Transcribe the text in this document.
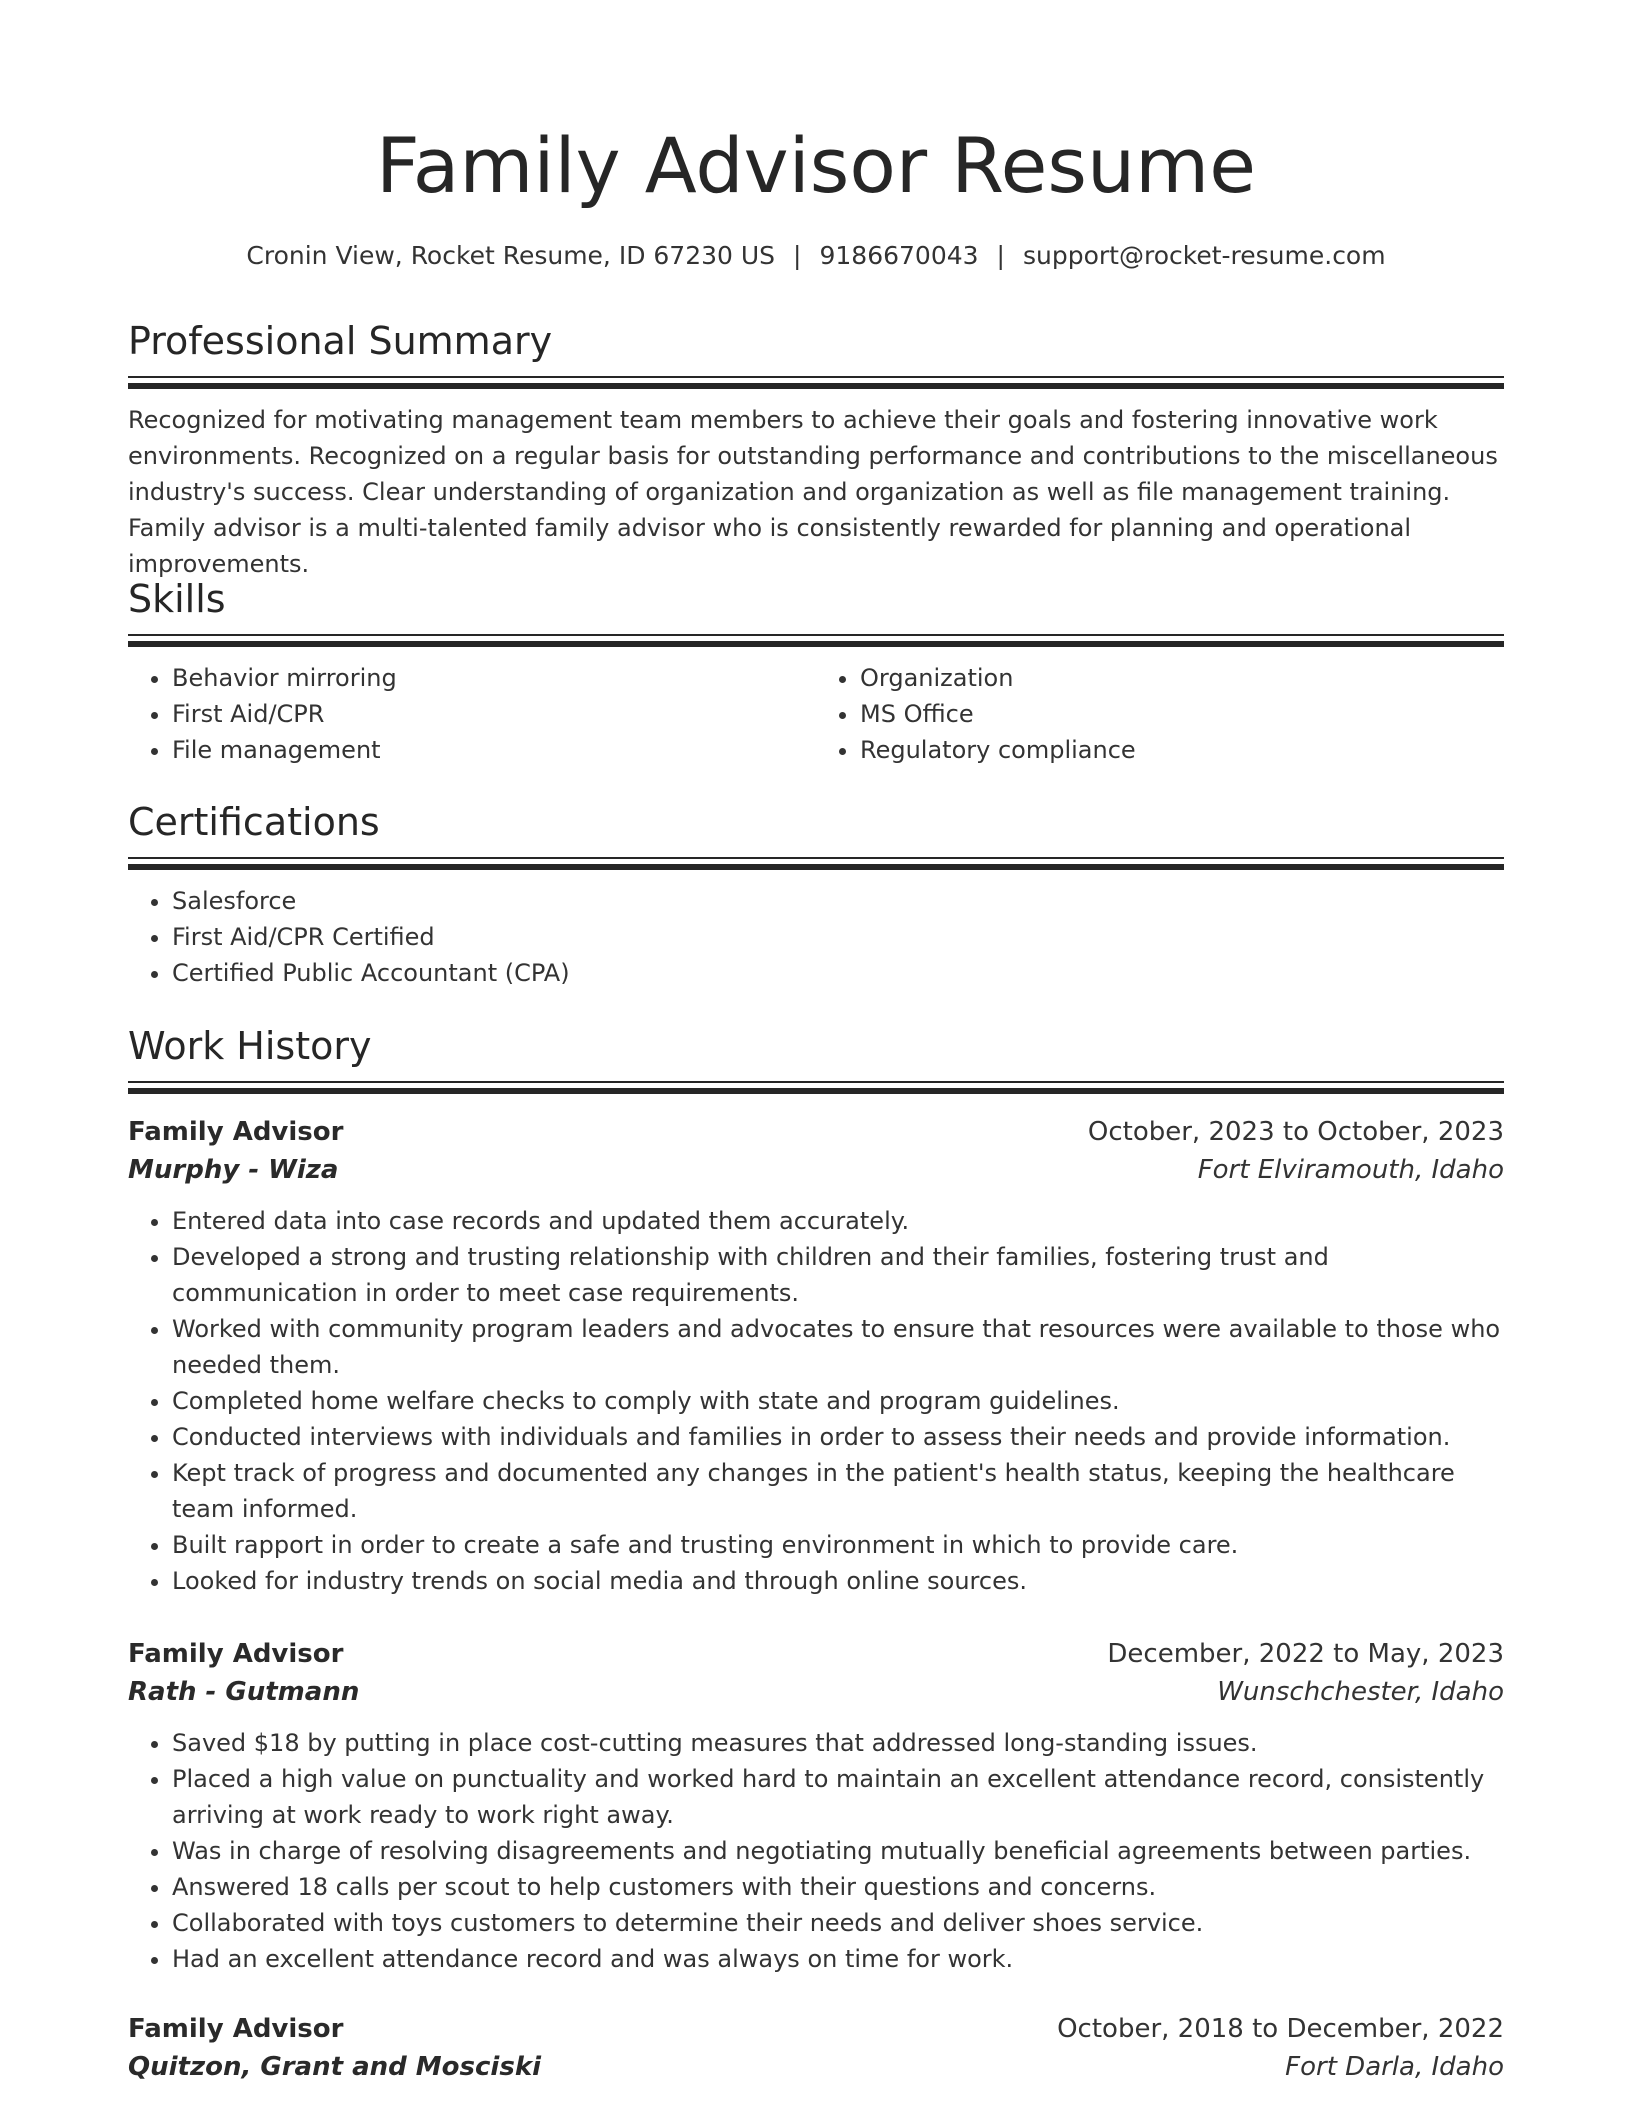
Family Advisor Resume
Cronin View, Rocket Resume, ID 67230 US | 9186670043 | support@rocket-resume.com
Professional Summary
Recognized for motivating management team members to achieve their goals and fostering innovative work environments. Recognized on a regular basis for outstanding performance and contributions to the miscellaneous industry's success. Clear understanding of organization and organization as well as file management training. Family advisor is a multi-talented family advisor who is consistently rewarded for planning and operational improvements.
Skills
• Behavior mirroring
• First Aid/CPR
• File management
• Organization
• MS Office
• Regulatory compliance
Certifications
• Salesforce
• First Aid/CPR Certified
• Certified Public Accountant (CPA)
Work History
Family Advisor	October, 2023 to October, 2023
Murphy - Wiza	Fort Elviramouth, Idaho
• Entered data into case records and updated them accurately.
• Developed a strong and trusting relationship with children and their families, fostering trust and communication in order to meet case requirements.
• Worked with community program leaders and advocates to ensure that resources were available to those who needed them.
• Completed home welfare checks to comply with state and program guidelines.
• Conducted interviews with individuals and families in order to assess their needs and provide information.
• Kept track of progress and documented any changes in the patient's health status, keeping the healthcare team informed.
• Built rapport in order to create a safe and trusting environment in which to provide care.
• Looked for industry trends on social media and through online sources.
Family Advisor	December, 2022 to May, 2023
Rath - Gutmann	Wunschchester, Idaho
• Saved $18 by putting in place cost-cutting measures that addressed long-standing issues.
• Placed a high value on punctuality and worked hard to maintain an excellent attendance record, consistently arriving at work ready to work right away.
• Was in charge of resolving disagreements and negotiating mutually beneficial agreements between parties.
• Answered 18 calls per scout to help customers with their questions and concerns.
• Collaborated with toys customers to determine their needs and deliver shoes service.
• Had an excellent attendance record and was always on time for work.
Family Advisor	October, 2018 to December, 2022
Quitzon, Grant and Mosciski	Fort Darla, Idaho
